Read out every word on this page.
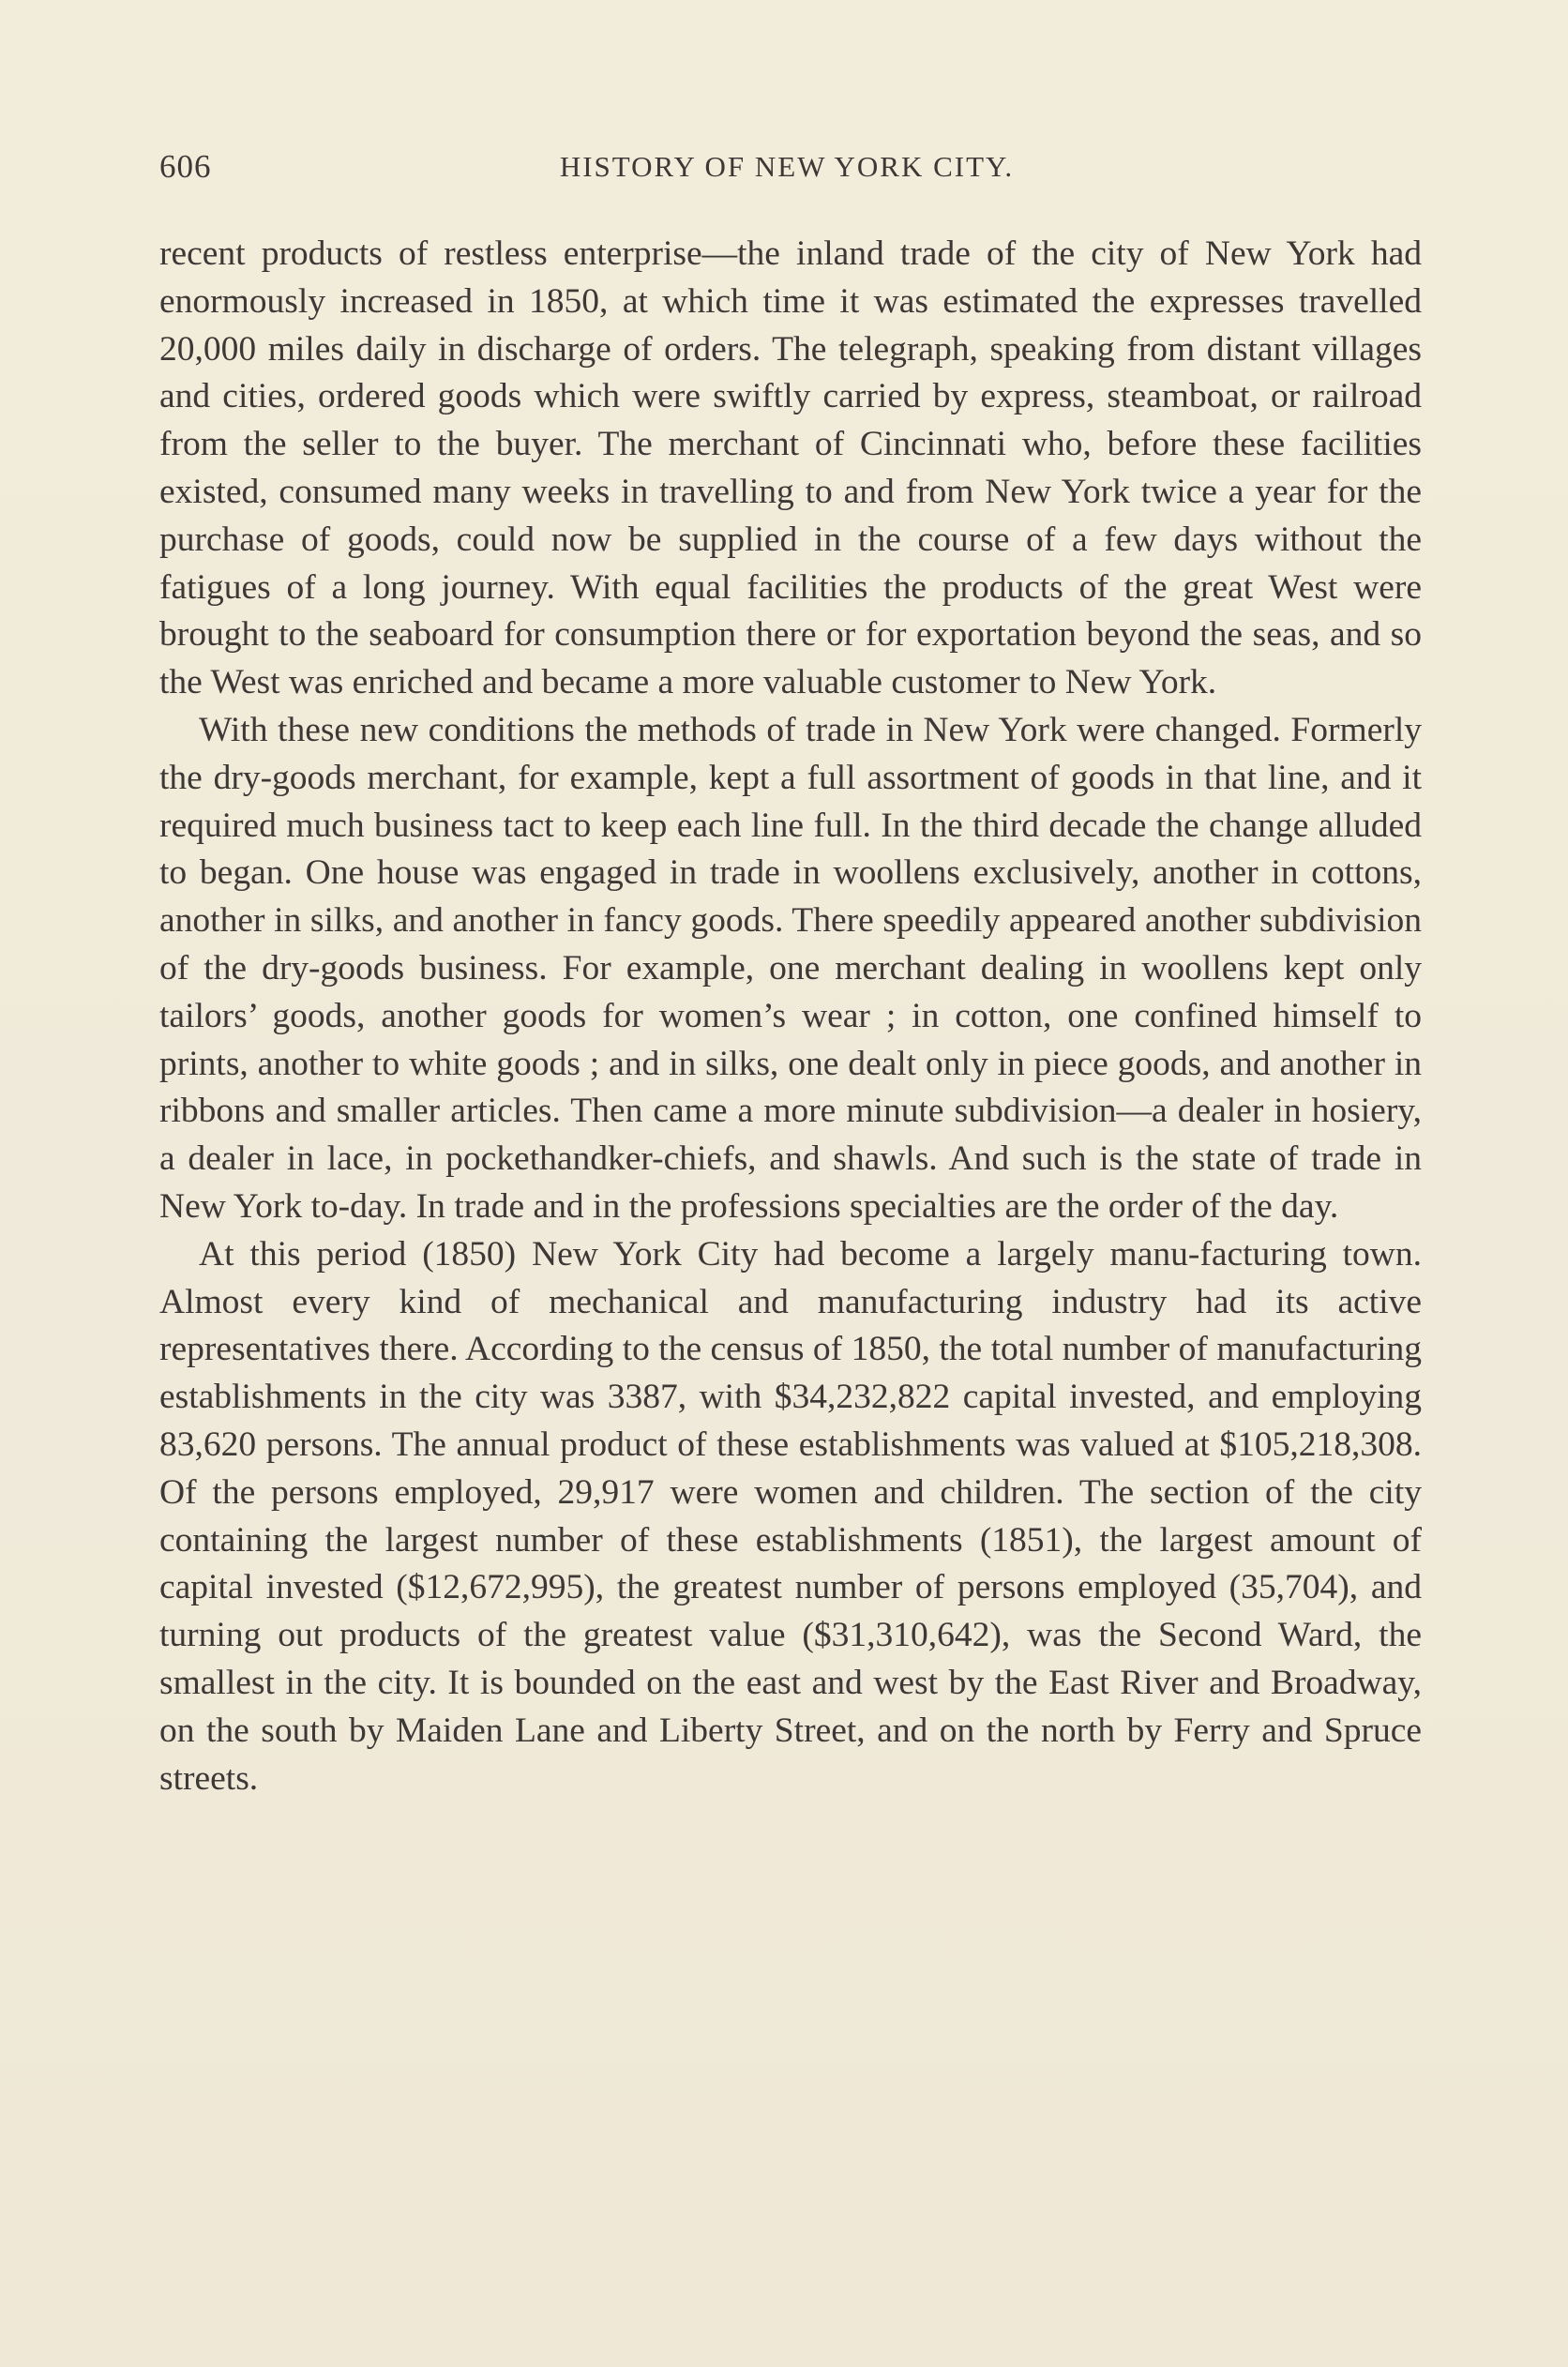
606	HISTORY OF NEW YORK CITY.

recent products of restless enterprise—the inland trade of the city of New York had enormously increased in 1850, at which time it was estimated the expresses travelled 20,000 miles daily in discharge of orders. The telegraph, speaking from distant villages and cities, ordered goods which were swiftly carried by express, steamboat, or railroad from the seller to the buyer. The merchant of Cincinnati who, before these facilities existed, consumed many weeks in travelling to and from New York twice a year for the purchase of goods, could now be supplied in the course of a few days without the fatigues of a long journey. With equal facilities the products of the great West were brought to the seaboard for consumption there or for exportation beyond the seas, and so the West was enriched and became a more valuable customer to New York.

With these new conditions the methods of trade in New York were changed. Formerly the dry-goods merchant, for example, kept a full assortment of goods in that line, and it required much business tact to keep each line full. In the third decade the change alluded to began. One house was engaged in trade in woollens exclusively, another in cottons, another in silks, and another in fancy goods. There speedily appeared another subdivision of the dry-goods business. For example, one merchant dealing in woollens kept only tailors’ goods, another goods for women’s wear ; in cotton, one confined himself to prints, another to white goods ; and in silks, one dealt only in piece goods, and another in ribbons and smaller articles. Then came a more minute subdivision—a dealer in hosiery, a dealer in lace, in pockethandker-chiefs, and shawls. And such is the state of trade in New York to-day. In trade and in the professions specialties are the order of the day.

At this period (1850) New York City had become a largely manu-facturing town. Almost every kind of mechanical and manufacturing industry had its active representatives there. According to the census of 1850, the total number of manufacturing establishments in the city was 3387, with $34,232,822 capital invested, and employing 83,620 persons. The annual product of these establishments was valued at $105,218,308. Of the persons employed, 29,917 were women and children. The section of the city containing the largest number of these establishments (1851), the largest amount of capital invested ($12,672,995), the greatest number of persons employed (35,704), and turning out products of the greatest value ($31,310,642), was the Second Ward, the smallest in the city. It is bounded on the east and west by the East River and Broadway, on the south by Maiden Lane and Liberty Street, and on the north by Ferry and Spruce streets.
